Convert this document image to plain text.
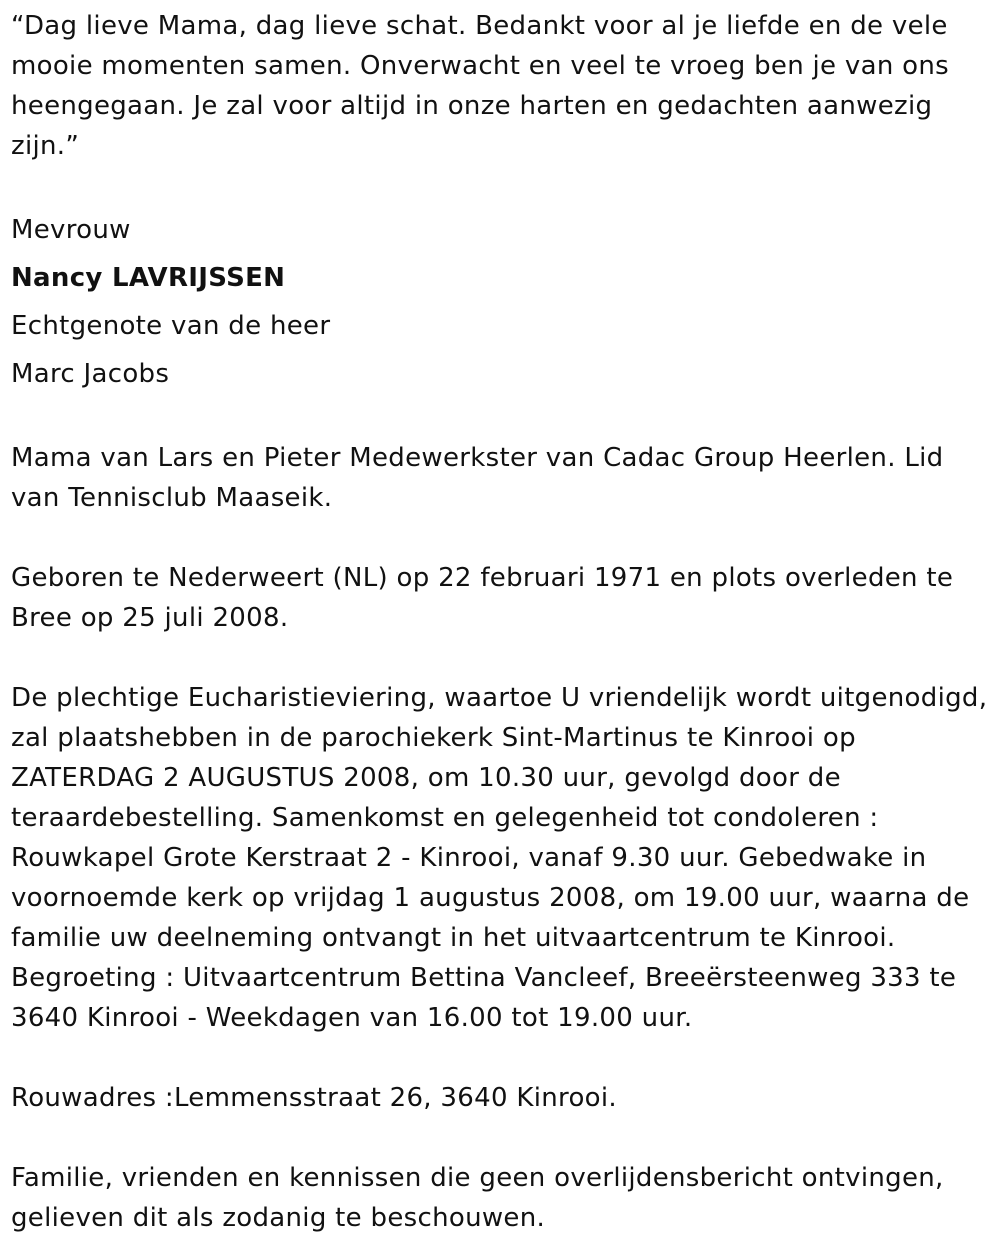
“Dag lieve Mama, dag lieve schat. Bedankt voor al je liefde en de vele mooie momenten samen. Onverwacht en veel te vroeg ben je van ons heengegaan. Je zal voor altijd in onze harten en gedachten aanwezig zijn.”

Mevrouw

Nancy LAVRIJSSEN

Echtgenote van de heer

Marc Jacobs

Mama van Lars en Pieter Medewerkster van Cadac Group Heerlen. Lid van Tennisclub Maaseik.

Geboren te Nederweert (NL) op 22 februari 1971 en plots overleden te Bree op 25 juli 2008.

De plechtige Eucharistieviering, waartoe U vriendelijk wordt uitgenodigd, zal plaatshebben in de parochiekerk Sint-Martinus te Kinrooi op ZATERDAG 2 AUGUSTUS 2008, om 10.30 uur, gevolgd door de teraardebestelling. Samenkomst en gelegenheid tot condoleren : Rouwkapel Grote Kerstraat 2 - Kinrooi, vanaf 9.30 uur. Gebedwake in voornoemde kerk op vrijdag 1 augustus 2008, om 19.00 uur, waarna de familie uw deelneming ontvangt in het uitvaartcentrum te Kinrooi. Begroeting : Uitvaartcentrum Bettina Vancleef, Breeërsteenweg 333 te 3640 Kinrooi - Weekdagen van 16.00 tot 19.00 uur.

Rouwadres :Lemmensstraat 26, 3640 Kinrooi.

Familie, vrienden en kennissen die geen overlijdensbericht ontvingen, gelieven dit als zodanig te beschouwen.
